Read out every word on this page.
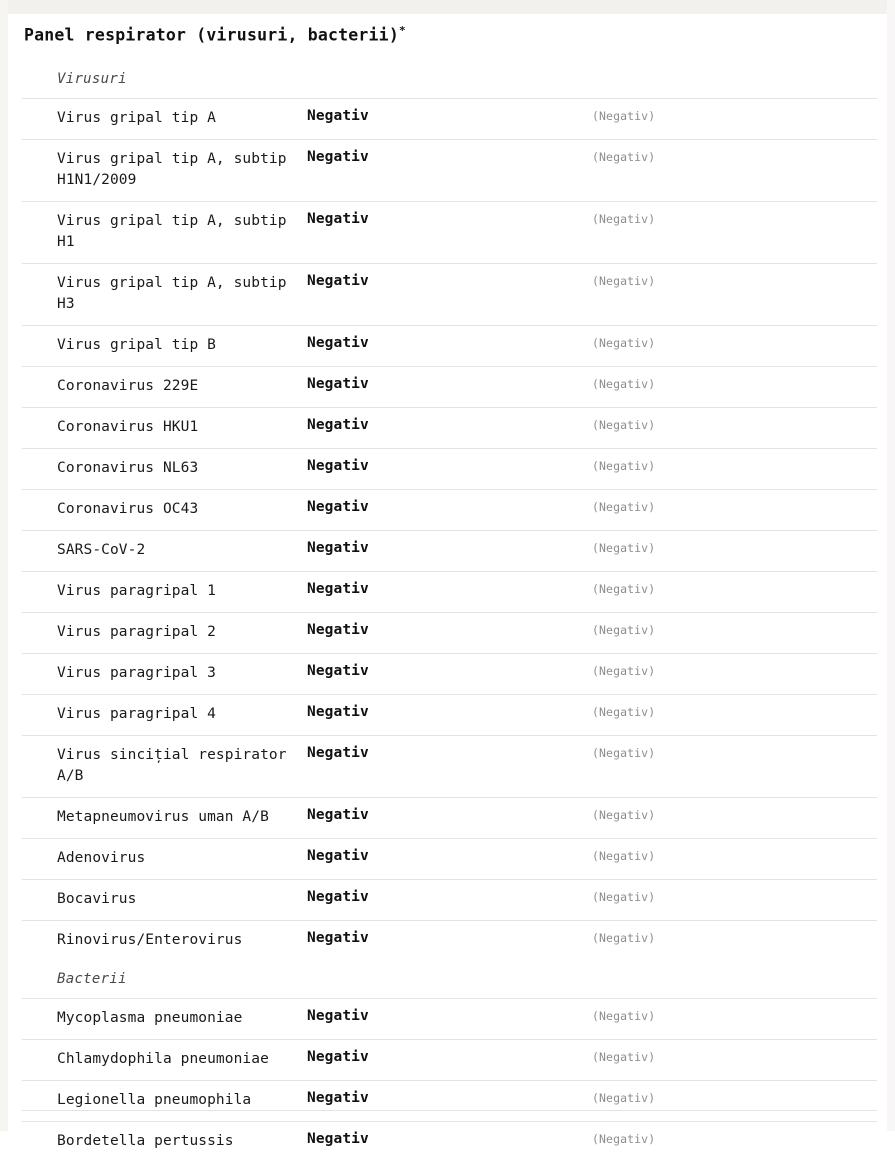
Panel respirator (virusuri, bacterii)*
Virusuri		
Virus gripal tip A	Negativ	(Negativ)
Virus gripal tip A, subtip H1N1/2009	Negativ	(Negativ)
Virus gripal tip A, subtip H1	Negativ	(Negativ)
Virus gripal tip A, subtip H3	Negativ	(Negativ)
Virus gripal tip B	Negativ	(Negativ)
Coronavirus 229E	Negativ	(Negativ)
Coronavirus HKU1	Negativ	(Negativ)
Coronavirus NL63	Negativ	(Negativ)
Coronavirus OC43	Negativ	(Negativ)
SARS-CoV-2	Negativ	(Negativ)
Virus paragripal 1	Negativ	(Negativ)
Virus paragripal 2	Negativ	(Negativ)
Virus paragripal 3	Negativ	(Negativ)
Virus paragripal 4	Negativ	(Negativ)
Virus sincițial respirator A/B	Negativ	(Negativ)
Metapneumovirus uman A/B	Negativ	(Negativ)
Adenovirus	Negativ	(Negativ)
Bocavirus	Negativ	(Negativ)
Rinovirus/Enterovirus	Negativ	(Negativ)
Bacterii		
Mycoplasma pneumoniae	Negativ	(Negativ)
Chlamydophila pneumoniae	Negativ	(Negativ)
Legionella pneumophila	Negativ	(Negativ)
Bordetella pertussis	Negativ	(Negativ)
